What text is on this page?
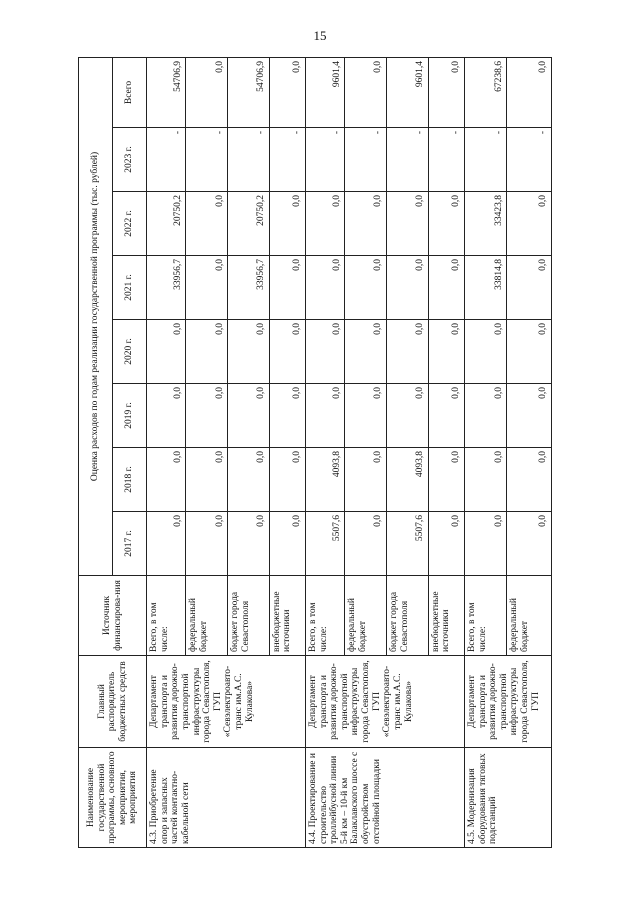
15
Наименование государственной программы, основного мероприятия, мероприятия	Главный распорядитель бюджетных средств	Источник финансирова-ния	Оценка расходов по годам реализации государственной программы (тыс. рублей)							
			2017 г.	2018 г.	2019 г.	2020 г.	2021 г.	2022 г.	2023 г.	Всего
4.3. Приобретение опор и запасных частей контактно-кабельной сети	Департамент транспорта и развития дорожно-транспортной инфраструктуры города Севастополя, ГУП «Севэлектроавто-транс им.А.С. Кулакова»	Всего, в том числе:	0,0	0,0	0,0	0,0	33956,7	20750,2	-	54706,9
		федеральный бюджет	0,0	0,0	0,0	0,0	0,0	0,0	-	0,0
		бюджет города Севастополя	0,0	0,0	0,0	0,0	33956,7	20750,2	-	54706,9
		внебюджетные источники	0,0	0,0	0,0	0,0	0,0	0,0	-	0,0
4.4. Проектирование и строительство троллейбусной линии 5-й км – 10-й км Балаклавского шоссе с обустройством отстойной площадки	Департамент транспорта и развития дорожно-транспортной инфраструктуры города Севастополя, ГУП «Севэлектроавто-транс им.А.С. Кулакова»	Всего, в том числе:	5507,6	4093,8	0,0	0,0	0,0	0,0	-	9601,4
		федеральный бюджет	0,0	0,0	0,0	0,0	0,0	0,0	-	0,0
		бюджет города Севастополя	5507,6	4093,8	0,0	0,0	0,0	0,0	-	9601,4
		внебюджетные источники	0,0	0,0	0,0	0,0	0,0	0,0	-	0,0
4.5. Модернизация оборудования тяговых подстанций	Департамент транспорта и развития дорожно-транспортной инфраструктуры города Севастополя, ГУП	Всего, в том числе:	0,0	0,0	0,0	0,0	33814,8	33423,8	-	67238,6
		федеральный бюджет	0,0	0,0	0,0	0,0	0,0	0,0	-	0,0
